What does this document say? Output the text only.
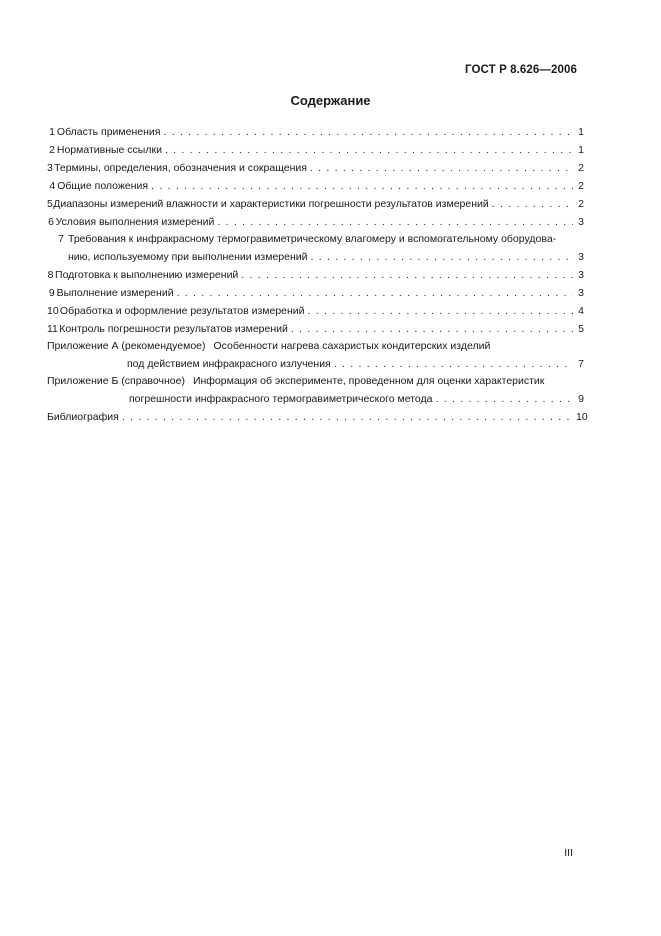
ГОСТ Р 8.626—2006
Содержание
1 Область применения . . .	1
2 Нормативные ссылки . . .	1
3 Термины, определения, обозначения и сокращения . . .	2
4 Общие положения . . .	2
5 Диапазоны измерений влажности и характеристики погрешности результатов измерений . . .	2
6 Условия выполнения измерений . . .	3
7 Требования к инфракрасному термогравиметрическому влагомеру и вспомогательному оборудова-
нию, используемому при выполнении измерений . . .	3
8 Подготовка к выполнению измерений . . .	3
9 Выполнение измерений . . .	3
10 Обработка и оформление результатов измерений . . .	4
11 Контроль погрешности результатов измерений . . .	5
Приложение А (рекомендуемое) Особенности нагрева сахаристых кондитерских изделий
под действием инфракрасного излучения . . .	7
Приложение Б (справочное) Информация об эксперименте, проведенном для оценки характеристик
погрешности инфракрасного термогравиметрического метода . . .	9
Библиография . . .	10
III
